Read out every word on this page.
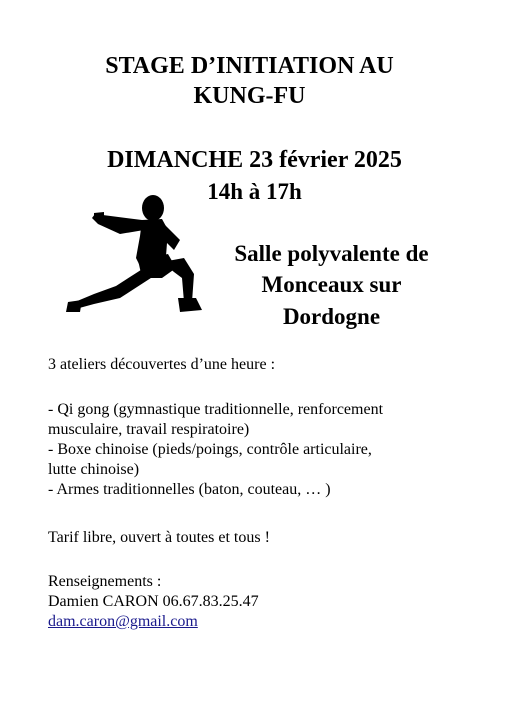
STAGE D’INITIATION AU
KUNG-FU
DIMANCHE 23 février 2025
14h à 17h
Salle polyvalente de
Monceaux sur
Dordogne
3 ateliers découvertes d’une heure :
- Qi gong (gymnastique traditionnelle, renforcement
musculaire, travail respiratoire)
- Boxe chinoise (pieds/poings, contrôle articulaire,
lutte chinoise)
- Armes traditionnelles (baton, couteau, … )
Tarif libre, ouvert à toutes et tous !
Renseignements :
Damien CARON 06.67.83.25.47
dam.caron@gmail.com
